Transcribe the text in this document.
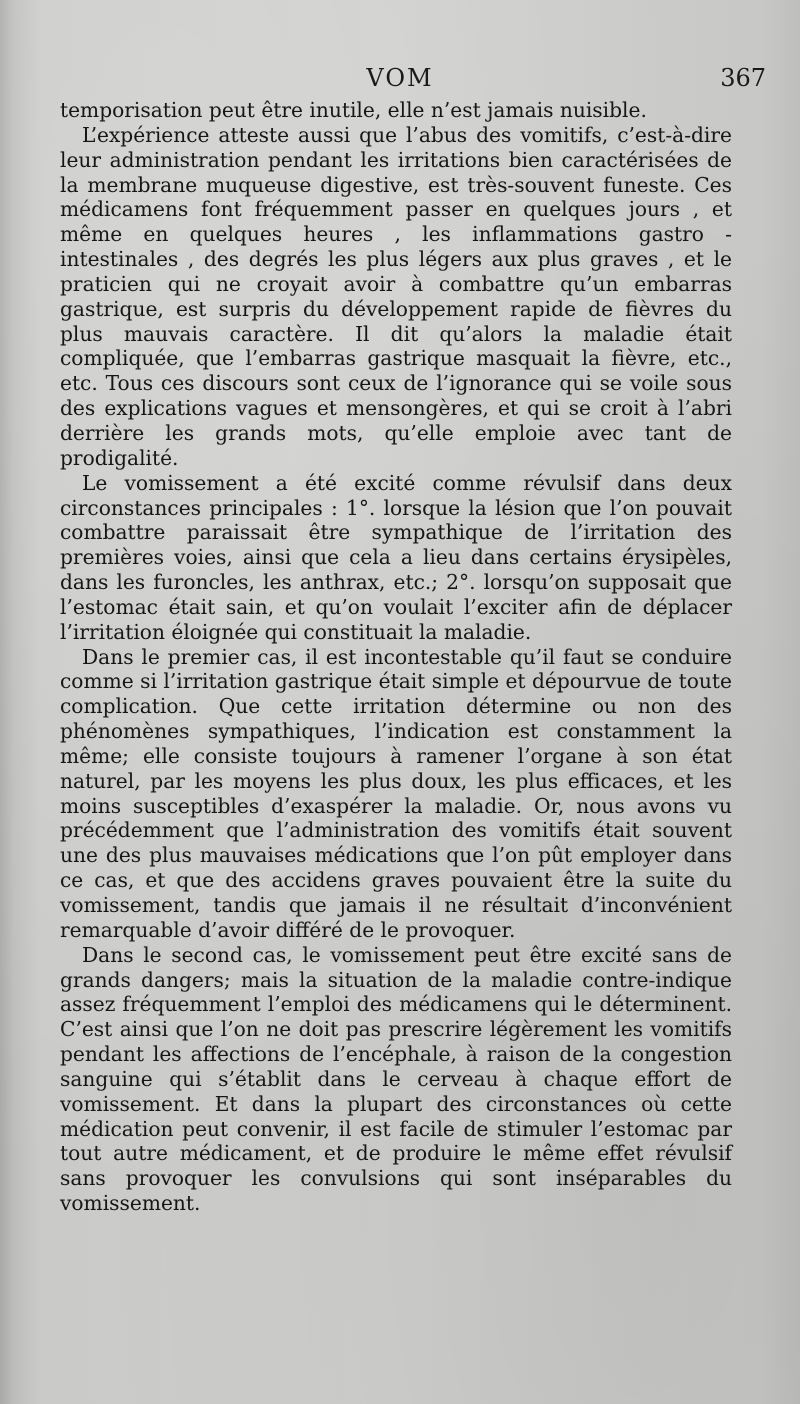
VOM	367

temporisation peut être inutile, elle n’est jamais nuisible.

L’expérience atteste aussi que l’abus des vomitifs, c’est-à-dire leur administration pendant les irritations bien caractérisées de la membrane muqueuse digestive, est très-souvent funeste. Ces médicamens font fréquemment passer en quelques jours , et même en quelques heures , les inflammations gastro - intestinales , des degrés les plus légers aux plus graves , et le praticien qui ne croyait avoir à combattre qu’un embarras gastrique, est surpris du développement rapide de fièvres du plus mauvais caractère. Il dit qu’alors la maladie était compliquée, que l’embarras gastrique masquait la fièvre, etc., etc. Tous ces discours sont ceux de l’ignorance qui se voile sous des explications vagues et mensongères, et qui se croit à l’abri derrière les grands mots, qu’elle emploie avec tant de prodigalité.

Le vomissement a été excité comme révulsif dans deux circonstances principales : 1°. lorsque la lésion que l’on pouvait combattre paraissait être sympathique de l’irritation des premières voies, ainsi que cela a lieu dans certains érysipèles, dans les furoncles, les anthrax, etc.; 2°. lorsqu’on supposait que l’estomac était sain, et qu’on voulait l’exciter afin de déplacer l’irritation éloignée qui constituait la maladie.

Dans le premier cas, il est incontestable qu’il faut se conduire comme si l’irritation gastrique était simple et dépourvue de toute complication. Que cette irritation détermine ou non des phénomènes sympathiques, l’indication est constamment la même; elle consiste toujours à ramener l’organe à son état naturel, par les moyens les plus doux, les plus efficaces, et les moins susceptibles d’exaspérer la maladie. Or, nous avons vu précédemment que l’administration des vomitifs était souvent une des plus mauvaises médications que l’on pût employer dans ce cas, et que des accidens graves pouvaient être la suite du vomissement, tandis que jamais il ne résultait d’inconvénient remarquable d’avoir différé de le provoquer.

Dans le second cas, le vomissement peut être excité sans de grands dangers; mais la situation de la maladie contre-indique assez fréquemment l’emploi des médicamens qui le déterminent. C’est ainsi que l’on ne doit pas prescrire légèrement les vomitifs pendant les affections de l’encéphale, à raison de la congestion sanguine qui s’établit dans le cerveau à chaque effort de vomissement. Et dans la plupart des circonstances où cette médication peut convenir, il est facile de stimuler l’estomac par tout autre médicament, et de produire le même effet révulsif sans provoquer les convulsions qui sont inséparables du vomissement.
